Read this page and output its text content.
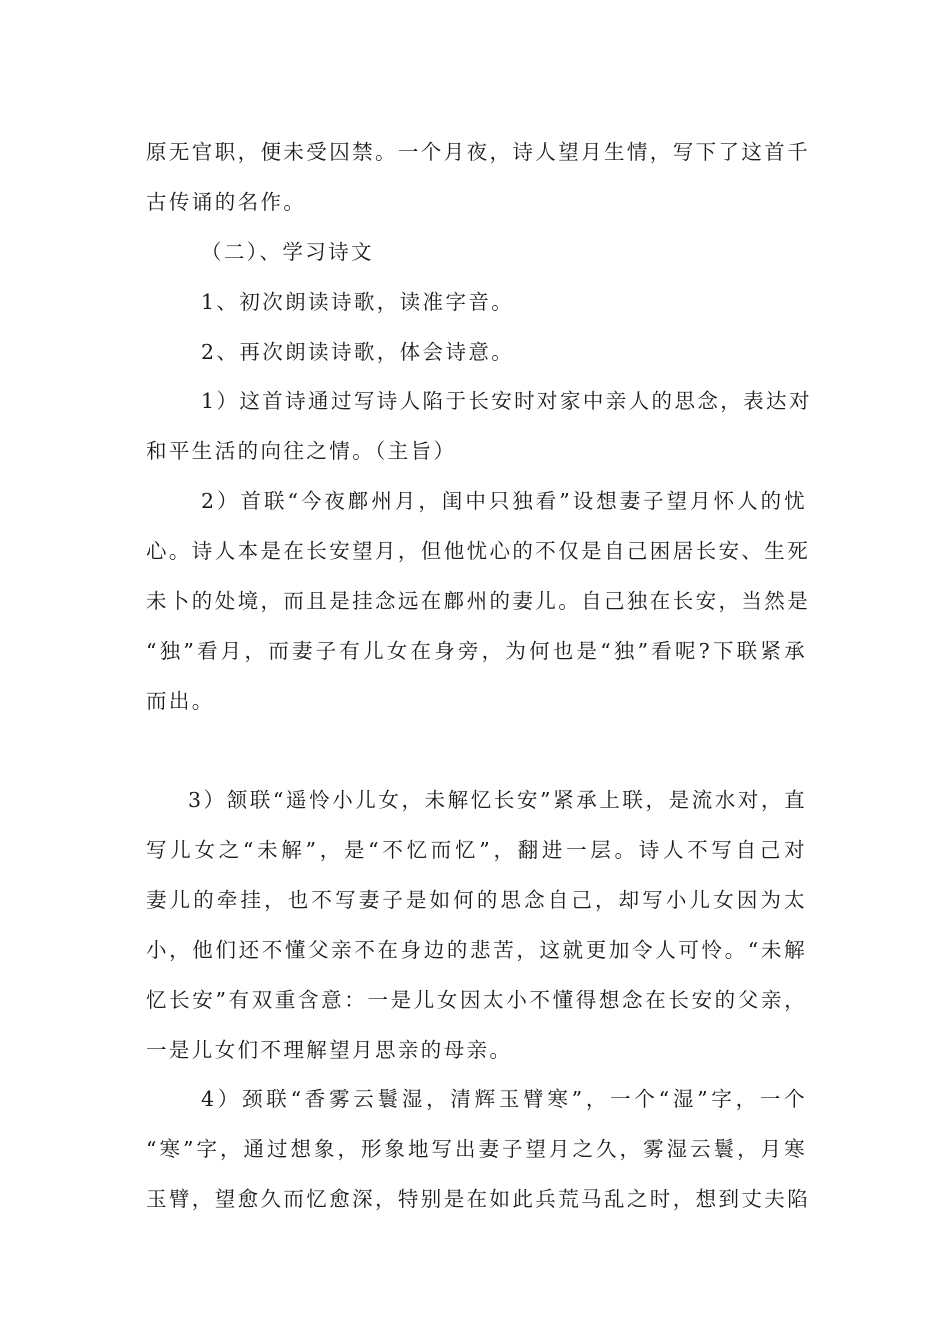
原无官职，便未受囚禁。一个月夜，诗人望月生情，写下了这首千
古传诵的名作。
（二）、学习诗文
1、初次朗读诗歌，读准字音。
2、再次朗读诗歌，体会诗意。
1）这首诗通过写诗人陷于长安时对家中亲人的思念，表达对
和平生活的向往之情。（主旨）
2）首联“今夜鄜州月，闺中只独看”设想妻子望月怀人的忧
心。诗人本是在长安望月，但他忧心的不仅是自己困居长安、生死
未卜的处境，而且是挂念远在鄜州的妻儿。自己独在长安，当然是
“独”看月，而妻子有儿女在身旁，为何也是“独”看呢?下联紧承
而出。
3）颔联“遥怜小儿女，未解忆长安”紧承上联，是流水对，直
写儿女之“未解”，是“不忆而忆”，翻进一层。诗人不写自己对
妻儿的牵挂，也不写妻子是如何的思念自己，却写小儿女因为太
小，他们还不懂父亲不在身边的悲苦，这就更加令人可怜。“未解
忆长安”有双重含意：一是儿女因太小不懂得想念在长安的父亲，
一是儿女们不理解望月思亲的母亲。
4）颈联“香雾云鬟湿，清辉玉臂寒”，一个“湿”字，一个
“寒”字，通过想象，形象地写出妻子望月之久，雾湿云鬟，月寒
玉臂，望愈久而忆愈深，特别是在如此兵荒马乱之时，想到丈夫陷
